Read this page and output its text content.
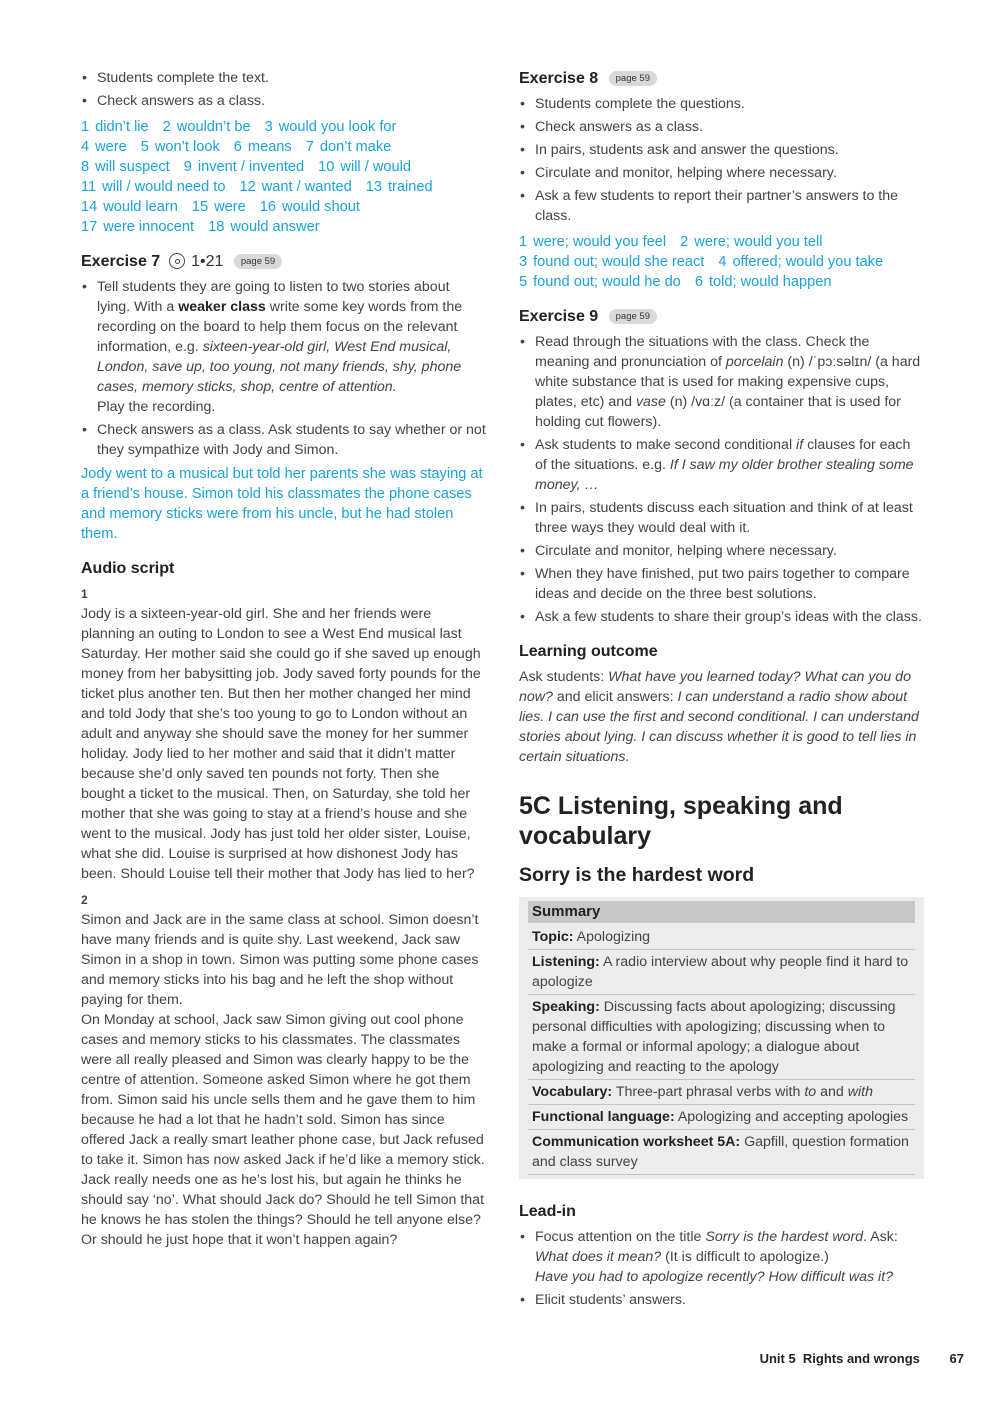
• Students complete the text.
• Check answers as a class.
1 didn’t lie 2 wouldn’t be 3 would you look for
4 were 5 won’t look 6 means 7 don’t make
8 will suspect 9 invent / invented 10 will / would
11 will / would need to 12 want / wanted 13 trained
14 would learn 15 were 16 would shout
17 were innocent 18 would answer
Exercise 7 1•21 page 59
• Tell students they are going to listen to two stories about lying. With a weaker class write some key words from the recording on the board to help them focus on the relevant information, e.g. sixteen-year-old girl, West End musical, London, save up, too young, not many friends, shy, phone cases, memory sticks, shop, centre of attention.
Play the recording.
• Check answers as a class. Ask students to say whether or not they sympathize with Jody and Simon.

Jody went to a musical but told her parents she was staying at a friend’s house. Simon told his classmates the phone cases and memory sticks were from his uncle, but he had stolen them.

Audio script
1

Jody is a sixteen-year-old girl. She and her friends were planning an outing to London to see a West End musical last Saturday. Her mother said she could go if she saved up enough money from her babysitting job. Jody saved forty pounds for the ticket plus another ten. But then her mother changed her mind and told Jody that she’s too young to go to London without an adult and anyway she should save the money for her summer holiday. Jody lied to her mother and said that it didn’t matter because she’d only saved ten pounds not forty. Then she bought a ticket to the musical. Then, on Saturday, she told her mother that she was going to stay at a friend’s house and she went to the musical. Jody has just told her older sister, Louise, what she did. Louise is surprised at how dishonest Jody has been. Should Louise tell their mother that Jody has lied to her?

2

Simon and Jack are in the same class at school. Simon doesn’t have many friends and is quite shy. Last weekend, Jack saw Simon in a shop in town. Simon was putting some phone cases and memory sticks into his bag and he left the shop without paying for them.

On Monday at school, Jack saw Simon giving out cool phone cases and memory sticks to his classmates. The classmates were all really pleased and Simon was clearly happy to be the centre of attention. Someone asked Simon where he got them from. Simon said his uncle sells them and he gave them to him because he had a lot that he hadn’t sold. Simon has since offered Jack a really smart leather phone case, but Jack refused to take it. Simon has now asked Jack if he’d like a memory stick. Jack really needs one as he’s lost his, but again he thinks he should say ‘no’. What should Jack do? Should he tell Simon that he knows he has stolen the things? Should he tell anyone else? Or should he just hope that it won’t happen again?

Exercise 8 page 59
• Students complete the questions.
• Check answers as a class.
• In pairs, students ask and answer the questions.
• Circulate and monitor, helping where necessary.
• Ask a few students to report their partner’s answers to the class.
1 were; would you feel 2 were; would you tell
3 found out; would she react 4 offered; would you take
5 found out; would he do 6 told; would happen
Exercise 9 page 59
• Read through the situations with the class. Check the meaning and pronunciation of porcelain (n) /ˈpɔːsəlɪn/ (a hard white substance that is used for making expensive cups, plates, etc) and vase (n) /vɑːz/ (a container that is used for holding cut flowers).
• Ask students to make second conditional if clauses for each of the situations. e.g. If I saw my older brother stealing some money, …
• In pairs, students discuss each situation and think of at least three ways they would deal with it.
• Circulate and monitor, helping where necessary.
• When they have finished, put two pairs together to compare ideas and decide on the three best solutions.
• Ask a few students to share their group’s ideas with the class.
Learning outcome

Ask students: What have you learned today? What can you do now? and elicit answers: I can understand a radio show about lies. I can use the first and second conditional. I can understand stories about lying. I can discuss whether it is good to tell lies in certain situations.

5C Listening, speaking and vocabulary
Sorry is the hardest word
Summary
Topic: Apologizing
Listening: A radio interview about why people find it hard to apologize
Speaking: Discussing facts about apologizing; discussing personal difficulties with apologizing; discussing when to make a formal or informal apology; a dialogue about apologizing and reacting to the apology
Vocabulary: Three-part phrasal verbs with to and with
Functional language: Apologizing and accepting apologies
Communication worksheet 5A: Gapfill, question formation and class survey
Lead-in
• Focus attention on the title Sorry is the hardest word. Ask: What does it mean? (It is difficult to apologize.)
Have you had to apologize recently? How difficult was it?
• Elicit students’ answers.
Unit 5  Rights and wrongs 67
